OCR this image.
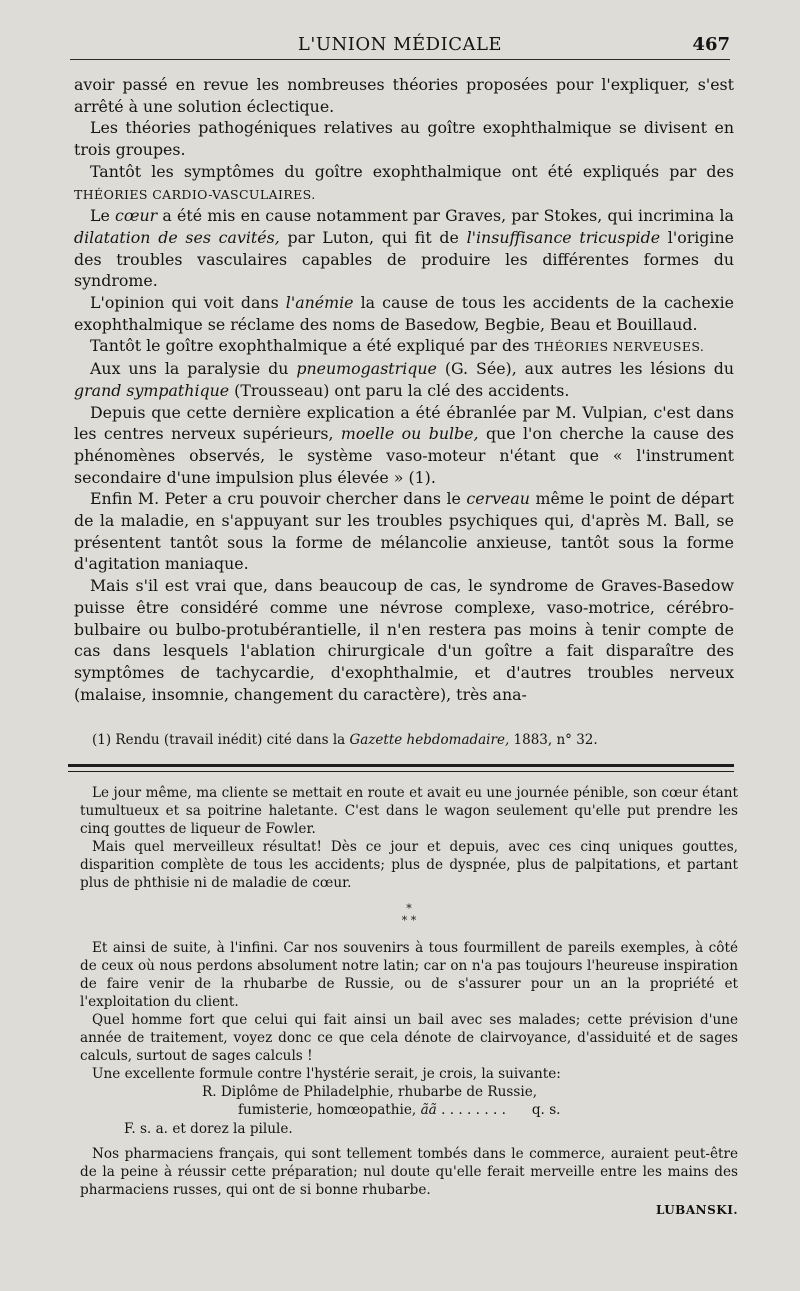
L'UNION MÉDICALE	467

avoir passé en revue les nombreuses théories proposées pour l'expliquer, s'est arrêté à une solution éclectique.

Les théories pathogéniques relatives au goître exophthalmique se divisent en trois groupes.

Tantôt les symptômes du goître exophthalmique ont été expliqués par des THÉORIES CARDIO-VASCULAIRES.

Le cœur a été mis en cause notamment par Graves, par Stokes, qui incrimina la dilatation de ses cavités, par Luton, qui fit de l'insuffisance tricuspide l'origine des troubles vasculaires capables de produire les différentes formes du syndrome.

L'opinion qui voit dans l'anémie la cause de tous les accidents de la cachexie exophthalmique se réclame des noms de Basedow, Begbie, Beau et Bouillaud.

Tantôt le goître exophthalmique a été expliqué par des THÉORIES NERVEUSES.

Aux uns la paralysie du pneumogastrique (G. Sée), aux autres les lésions du grand sympathique (Trousseau) ont paru la clé des accidents.

Depuis que cette dernière explication a été ébranlée par M. Vulpian, c'est dans les centres nerveux supérieurs, moelle ou bulbe, que l'on cherche la cause des phénomènes observés, le système vaso-moteur n'étant que « l'instrument secondaire d'une impulsion plus élevée » (1).

Enfin M. Peter a cru pouvoir chercher dans le cerveau même le point de départ de la maladie, en s'appuyant sur les troubles psychiques qui, d'après M. Ball, se présentent tantôt sous la forme de mélancolie anxieuse, tantôt sous la forme d'agitation maniaque.

Mais s'il est vrai que, dans beaucoup de cas, le syndrome de Graves-Basedow puisse être considéré comme une névrose complexe, vaso-motrice, cérébro-bulbaire ou bulbo-protubérantielle, il n'en restera pas moins à tenir compte de cas dans lesquels l'ablation chirurgicale d'un goître a fait disparaître des symptômes de tachycardie, d'exophthalmie, et d'autres troubles nerveux (malaise, insomnie, changement du caractère), très ana-

(1) Rendu (travail inédit) cité dans la Gazette hebdomadaire, 1883, n° 32.

Le jour même, ma cliente se mettait en route et avait eu une journée pénible, son cœur étant tumultueux et sa poitrine haletante. C'est dans le wagon seulement qu'elle put prendre les cinq gouttes de liqueur de Fowler.

Mais quel merveilleux résultat! Dès ce jour et depuis, avec ces cinq uniques gouttes, disparition complète de tous les accidents; plus de dyspnée, plus de palpitations, et partant plus de phthisie ni de maladie de cœur.

*
* *

Et ainsi de suite, à l'infini. Car nos souvenirs à tous fourmillent de pareils exemples, à côté de ceux où nous perdons absolument notre latin; car on n'a pas toujours l'heureuse inspiration de faire venir de la rhubarbe de Russie, ou de s'assurer pour un an la propriété et l'exploitation du client.

Quel homme fort que celui qui fait ainsi un bail avec ses malades; cette prévision d'une année de traitement, voyez donc ce que cela dénote de clairvoyance, d'assiduité et de sages calculs, surtout de sages calculs !

Une excellente formule contre l'hystérie serait, je crois, la suivante:

R. Diplôme de Philadelphie, rhubarbe de Russie,
fumisterie, homœopathie, ãã . . . . . . . .      q. s.
F. s. a. et dorez la pilule.

Nos pharmaciens français, qui sont tellement tombés dans le commerce, auraient peut-être de la peine à réussir cette préparation; nul doute qu'elle ferait merveille entre les mains des pharmaciens russes, qui ont de si bonne rhubarbe.

LUBANSKI.
